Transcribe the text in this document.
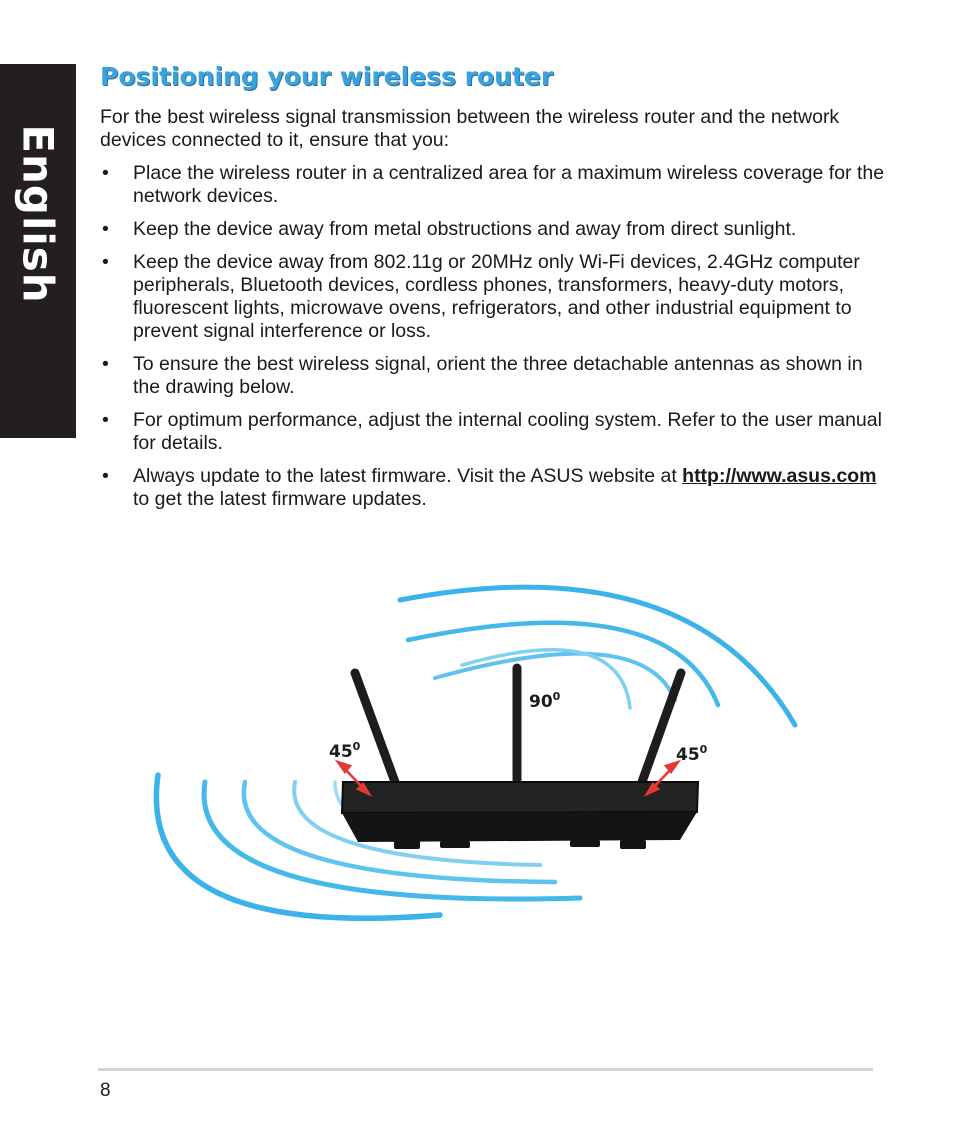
English
Positioning your wireless router

For the best wireless signal transmission between the wireless router and the network devices connected to it, ensure that you:

• Place the wireless router in a centralized area for a maximum wireless coverage for the network devices.
• Keep the device away from metal obstructions and away from direct sunlight.
• Keep the device away from 802.11g or 20MHz only Wi-Fi devices, 2.4GHz computer peripherals, Bluetooth devices, cordless phones, transformers, heavy-duty motors, fluorescent lights, microwave ovens, refrigerators, and other industrial equipment to prevent signal interference or loss.
• To ensure the best wireless signal, orient the three detachable antennas as shown in the drawing below.
• For optimum performance, adjust the internal cooling system. Refer to the user manual for details.
• Always update to the latest firmware. Visit the ASUS website at http://www.asus.com to get the latest firmware updates.
$90^0$
$45^0$	$45^0$
8
